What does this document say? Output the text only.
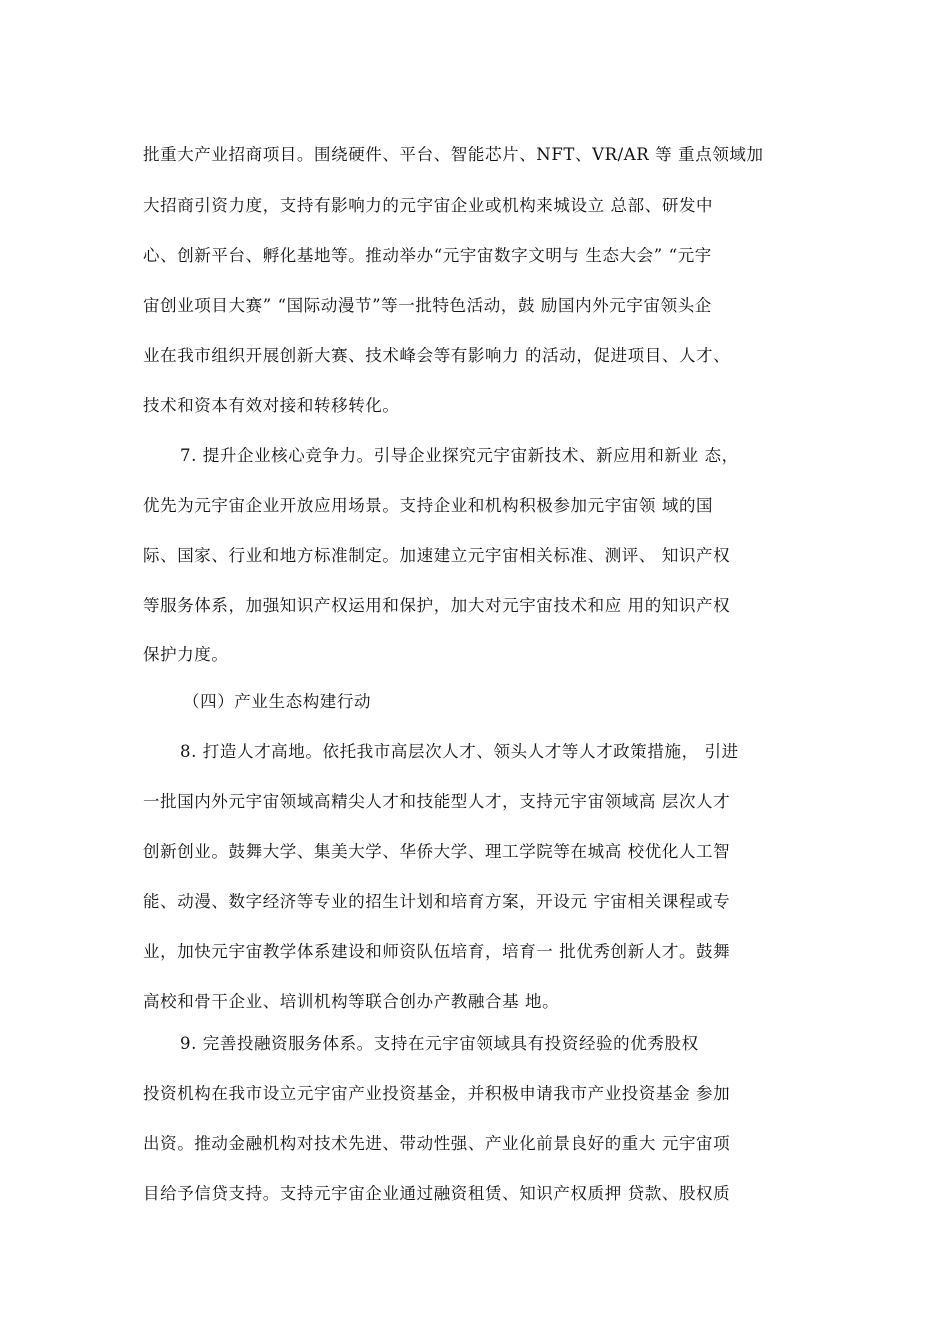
批重大产业招商项目。围绕硬件、平台、智能芯片、NFT、VR/AR 等 重点领域加
大招商引资力度，支持有影响力的元宇宙企业或机构来城设立 总部、研发中
心、创新平台、孵化基地等。推动举办“元宇宙数字文明与 生态大会” “元宇
宙创业项目大赛” “国际动漫节”等一批特色活动，鼓 励国内外元宇宙领头企
业在我市组织开展创新大赛、技术峰会等有影响力 的活动，促进项目、人才、
技术和资本有效对接和转移转化。
7. 提升企业核心竞争力。引导企业探究元宇宙新技术、新应用和新业 态，
优先为元宇宙企业开放应用场景。支持企业和机构积极参加元宇宙领 域的国
际、国家、行业和地方标准制定。加速建立元宇宙相关标准、测评、 知识产权
等服务体系，加强知识产权运用和保护，加大对元宇宙技术和应 用的知识产权
保护力度。
（四）产业生态构建行动
8. 打造人才高地。依托我市高层次人才、领头人才等人才政策措施， 引进
一批国内外元宇宙领域高精尖人才和技能型人才，支持元宇宙领域高 层次人才
创新创业。鼓舞大学、集美大学、华侨大学、理工学院等在城高 校优化人工智
能、动漫、数字经济等专业的招生计划和培育方案，开设元 宇宙相关课程或专
业，加快元宇宙教学体系建设和师资队伍培育，培育一 批优秀创新人才。鼓舞
高校和骨干企业、培训机构等联合创办产教融合基 地。
9. 完善投融资服务体系。支持在元宇宙领域具有投资经验的优秀股权
投资机构在我市设立元宇宙产业投资基金，并积极申请我市产业投资基金 参加
出资。推动金融机构对技术先进、带动性强、产业化前景良好的重大 元宇宙项
目给予信贷支持。支持元宇宙企业通过融资租赁、知识产权质押 贷款、股权质
